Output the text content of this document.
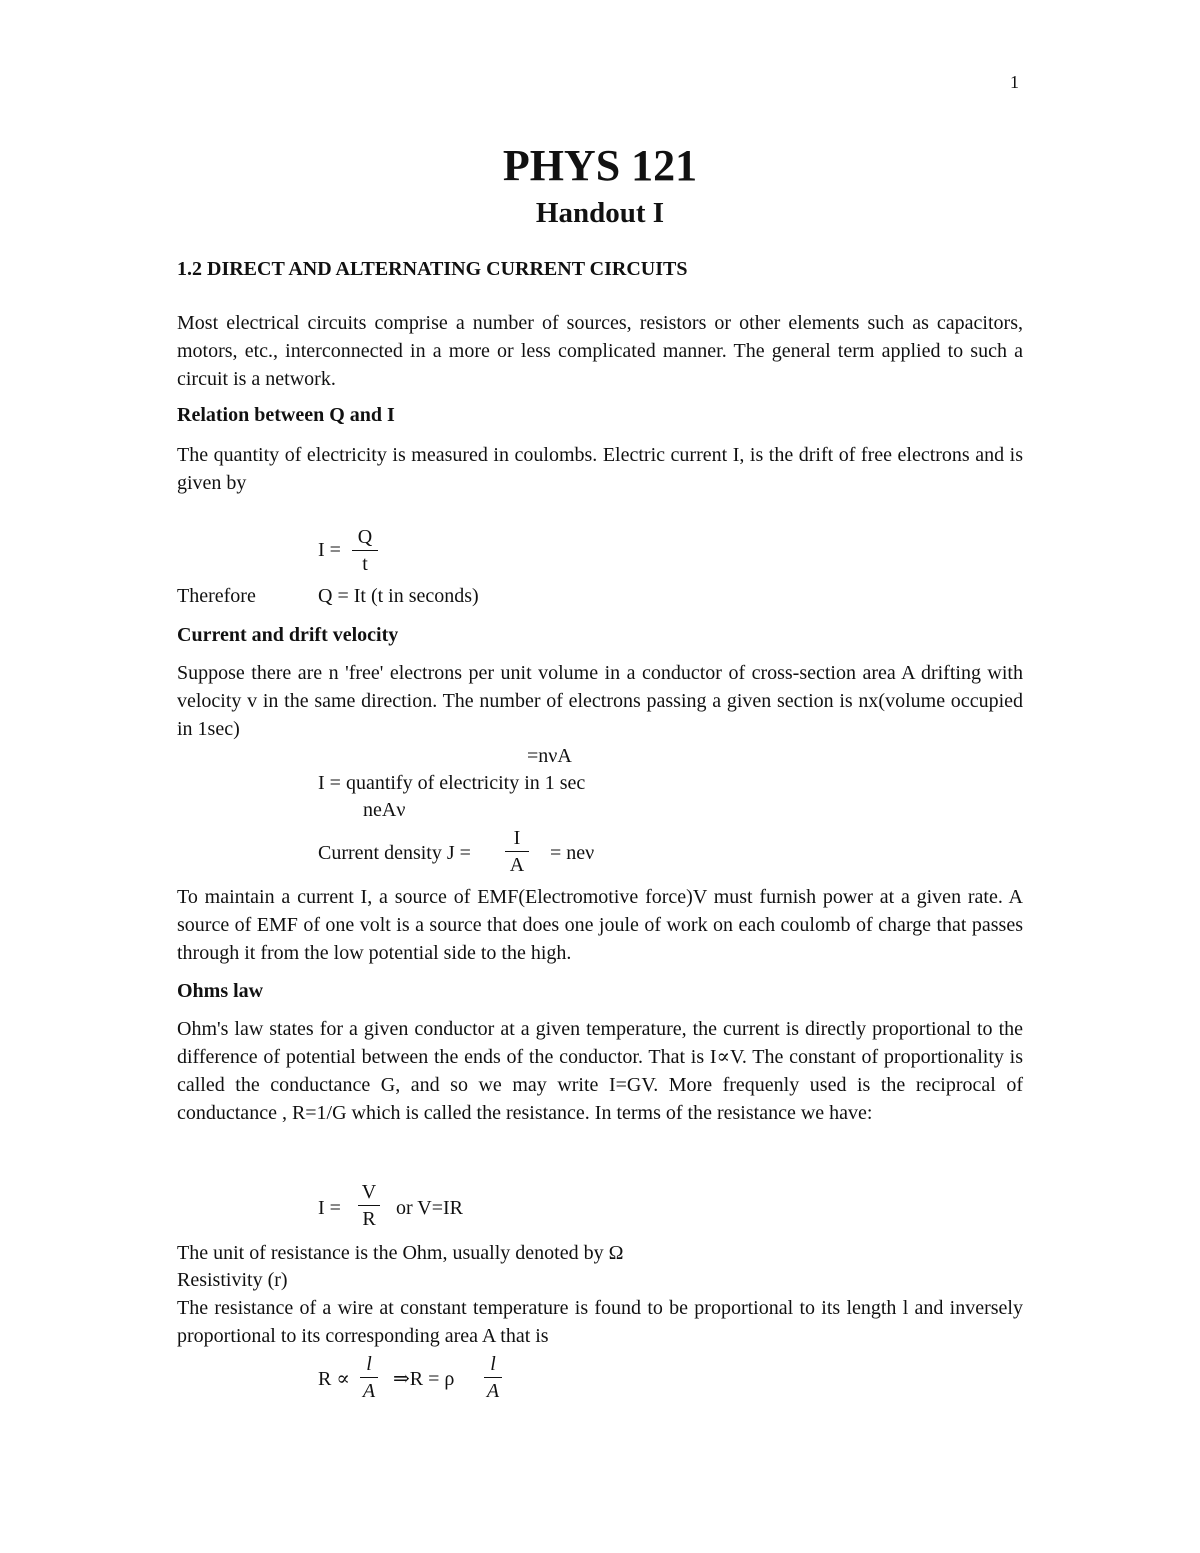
1
PHYS 121
Handout I
1.2 DIRECT AND ALTERNATING CURRENT CIRCUITS
Most electrical circuits comprise a number of sources, resistors or other elements such as capacitors, motors, etc., interconnected in a more or less complicated manner. The general term applied to such a circuit is a network.
Relation between Q and I
The quantity of electricity is measured in coulombs. Electric current I, is the drift of free electrons and is given by
I =
Q
t
Therefore	Q = It (t in seconds)
Current and drift velocity
Suppose there are n 'free' electrons per unit volume in a conductor of cross-section area A drifting with velocity v in the same direction. The number of electrons passing a given section is nx(volume occupied in 1sec)
=nνA
I = quantify of electricity in 1 sec
neAν
Current density J =
I
A
= neν
To maintain a current I, a source of EMF(Electromotive force)V must furnish power at a given rate. A source of EMF of one volt is a source that does one joule of work on each coulomb of charge that passes through it from the low potential side to the high.
Ohms law
Ohm's law states for a given conductor at a given temperature, the current is directly proportional to the difference of potential between the ends of the conductor. That is I∝V. The constant of proportionality is called the conductance G, and so we may write I=GV. More frequenly used is the reciprocal of conductance , R=1/G which is called the resistance. In terms of the resistance we have:
I =
V
R or V=IR
The unit of resistance is the Ohm, usually denoted by Ω
Resistivity (r)
The resistance of a wire at constant temperature is found to be proportional to its length l and inversely proportional to its corresponding area A that is
R ∝
l
A
⇒R = ρ
l
A
